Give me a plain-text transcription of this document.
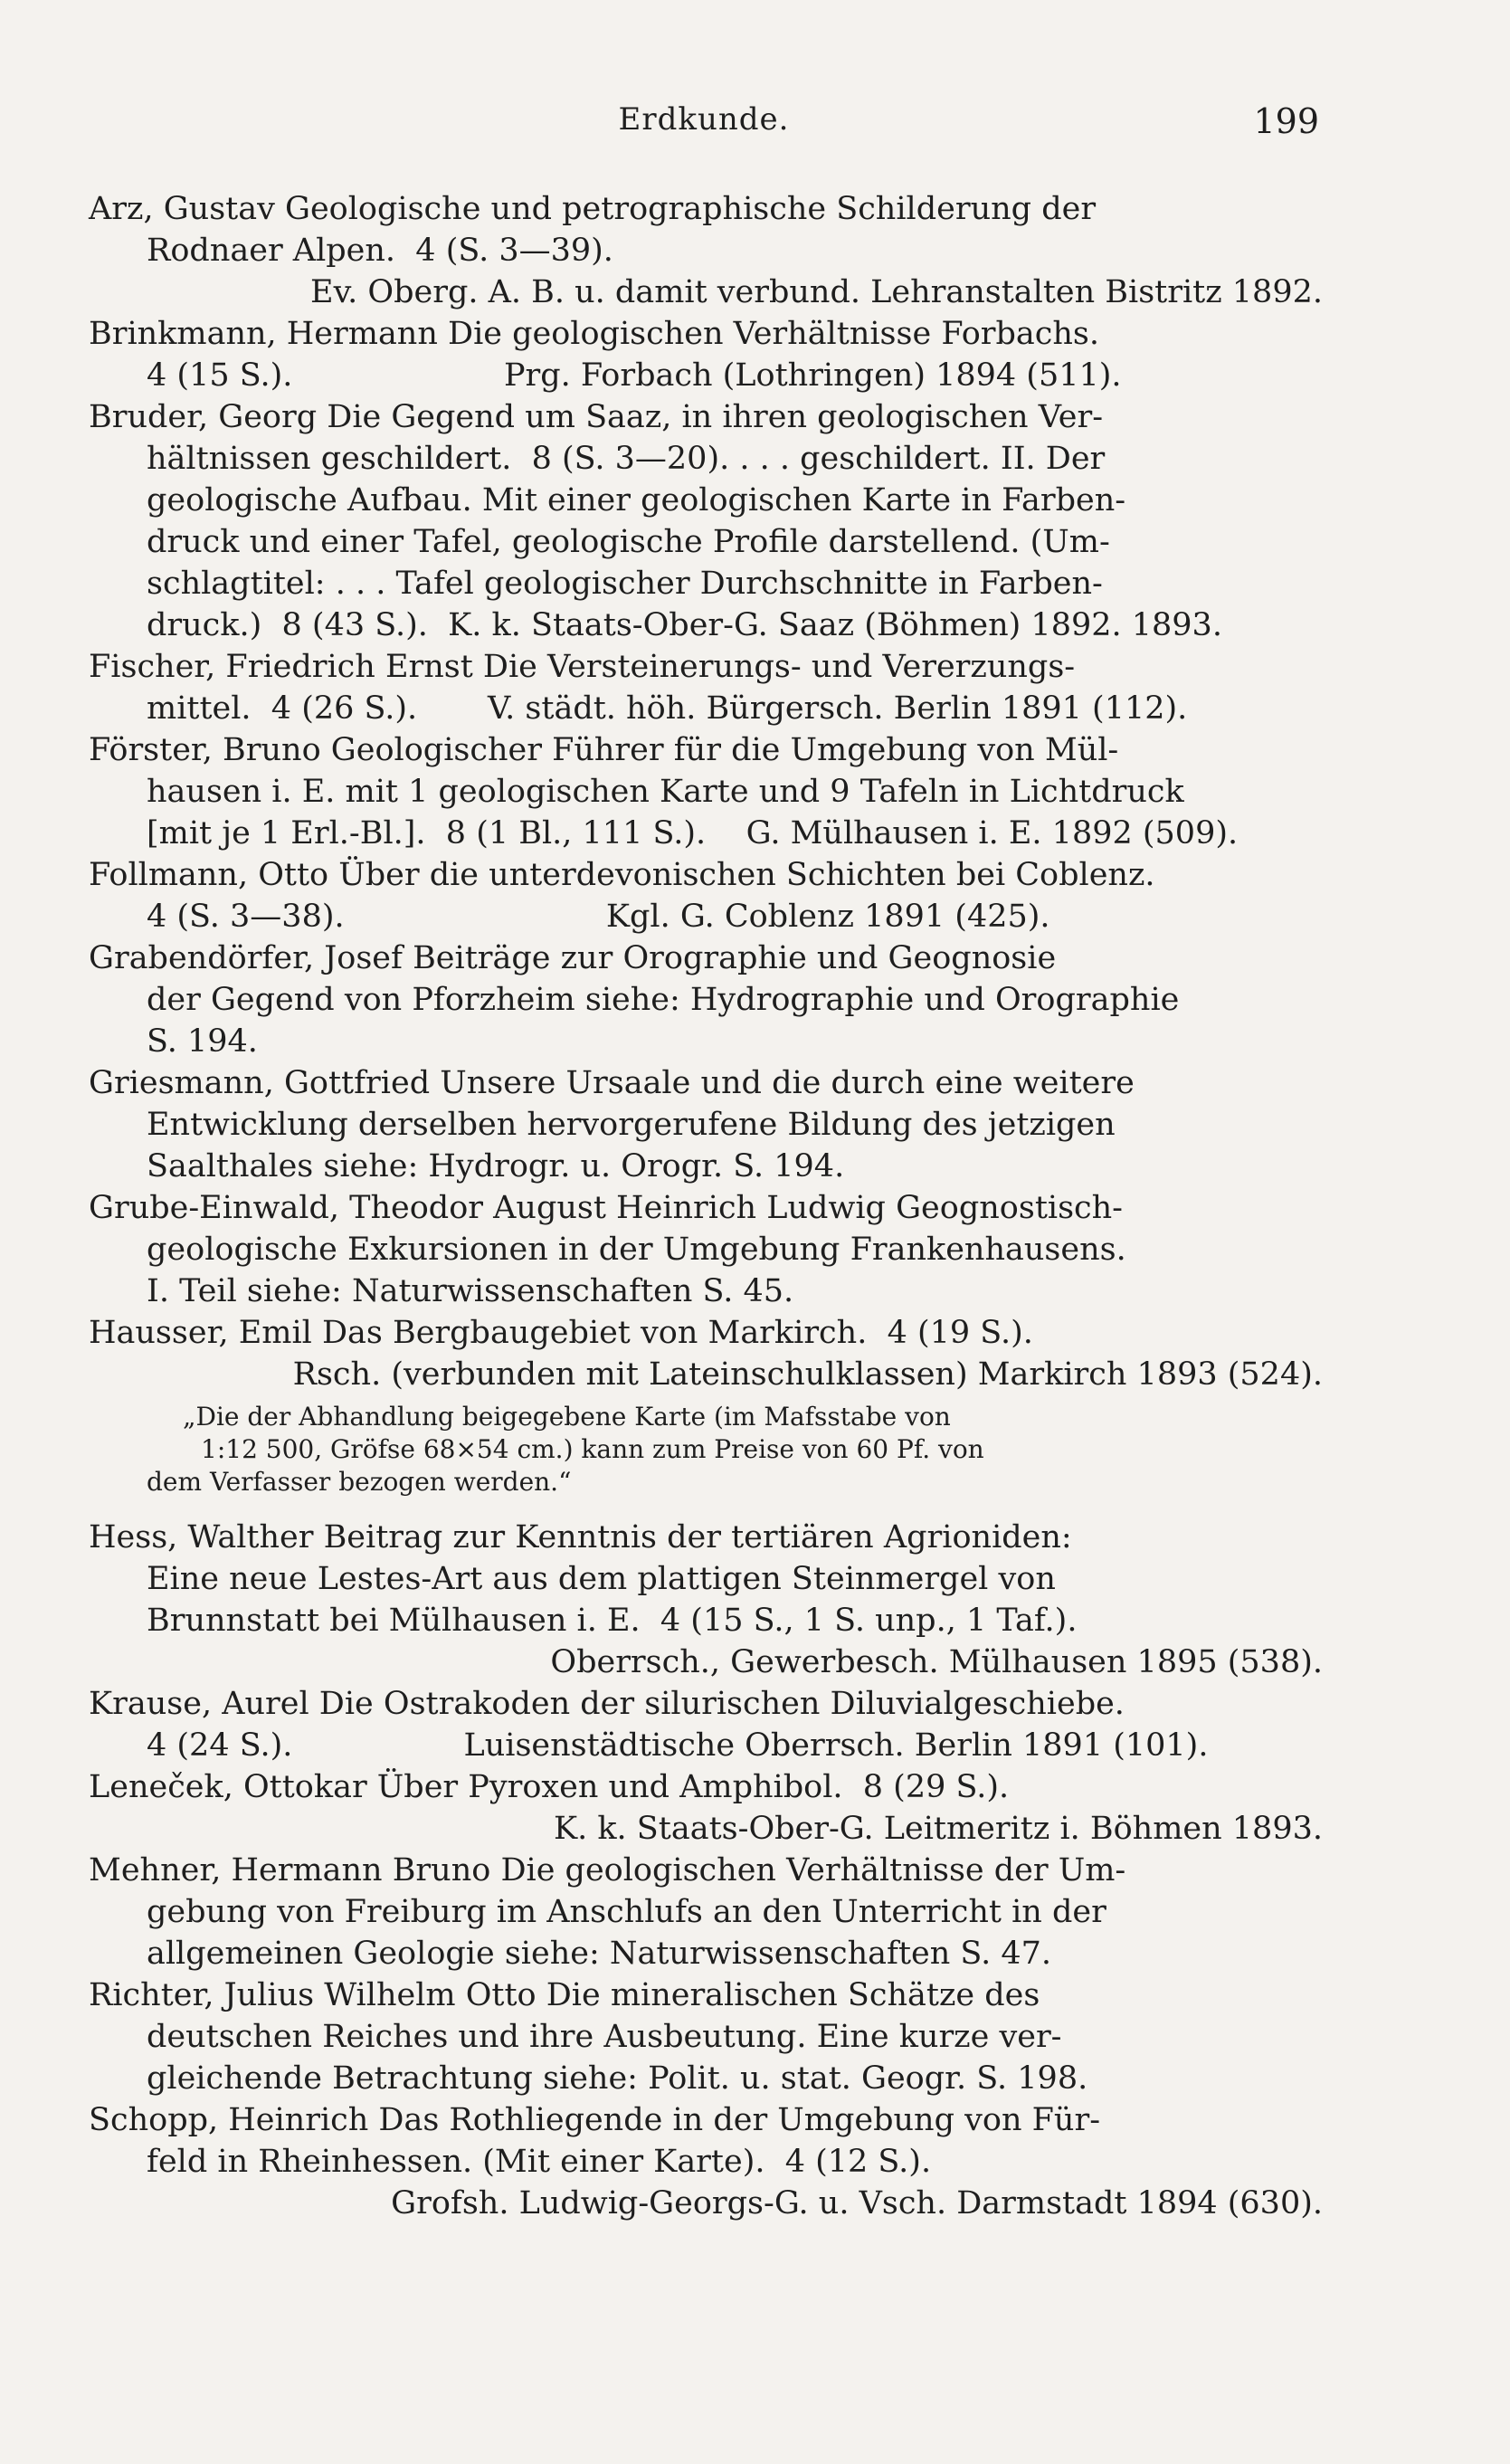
Erdkunde.	199
Arz, Gustav Geologische und petrographische Schilderung der
Rodnaer Alpen.  4 (S. 3—39).
Ev. Oberg. A. B. u. damit verbund. Lehranstalten Bistritz 1892.
Brinkmann, Hermann Die geologischen Verhältnisse Forbachs.
4 (15 S.).                     Prg. Forbach (Lothringen) 1894 (511).
Bruder, Georg Die Gegend um Saaz, in ihren geologischen Ver-
hältnissen geschildert.  8 (S. 3—20). . . . geschildert. II. Der
geologische Aufbau. Mit einer geologischen Karte in Farben-
druck und einer Tafel, geologische Profile darstellend. (Um-
schlagtitel: . . . Tafel geologischer Durchschnitte in Farben-
druck.)  8 (43 S.).  K. k. Staats-Ober-G. Saaz (Böhmen) 1892. 1893.
Fischer, Friedrich Ernst Die Versteinerungs- und Vererzungs-
mittel.  4 (26 S.).       V. städt. höh. Bürgersch. Berlin 1891 (112).
Förster, Bruno Geologischer Führer für die Umgebung von Mül-
hausen i. E. mit 1 geologischen Karte und 9 Tafeln in Lichtdruck
[mit je 1 Erl.-Bl.].  8 (1 Bl., 111 S.).    G. Mülhausen i. E. 1892 (509).
Follmann, Otto Über die unterdevonischen Schichten bei Coblenz.
4 (S. 3—38).                          Kgl. G. Coblenz 1891 (425).
Grabendörfer, Josef Beiträge zur Orographie und Geognosie
der Gegend von Pforzheim siehe: Hydrographie und Orographie
S. 194.
Griesmann, Gottfried Unsere Ursaale und die durch eine weitere
Entwicklung derselben hervorgerufene Bildung des jetzigen
Saalthales siehe: Hydrogr. u. Orogr. S. 194.
Grube-Einwald, Theodor August Heinrich Ludwig Geognostisch-
geologische Exkursionen in der Umgebung Frankenhausens.
I. Teil siehe: Naturwissenschaften S. 45.
Hausser, Emil Das Bergbaugebiet von Markirch.  4 (19 S.).
Rsch. (verbunden mit Lateinschulklassen) Markirch 1893 (524).
„Die der Abhandlung beigegebene Karte (im Mafsstabe von
1:12 500, Gröfse 68×54 cm.) kann zum Preise von 60 Pf. von
dem Verfasser bezogen werden.“
Hess, Walther Beitrag zur Kenntnis der tertiären Agrioniden:
Eine neue Lestes-Art aus dem plattigen Steinmergel von
Brunnstatt bei Mülhausen i. E.  4 (15 S., 1 S. unp., 1 Taf.).
Oberrsch., Gewerbesch. Mülhausen 1895 (538).
Krause, Aurel Die Ostrakoden der silurischen Diluvialgeschiebe.
4 (24 S.).                 Luisenstädtische Oberrsch. Berlin 1891 (101).
Leneček, Ottokar Über Pyroxen und Amphibol.  8 (29 S.).
K. k. Staats-Ober-G. Leitmeritz i. Böhmen 1893.
Mehner, Hermann Bruno Die geologischen Verhältnisse der Um-
gebung von Freiburg im Anschlufs an den Unterricht in der
allgemeinen Geologie siehe: Naturwissenschaften S. 47.
Richter, Julius Wilhelm Otto Die mineralischen Schätze des
deutschen Reiches und ihre Ausbeutung. Eine kurze ver-
gleichende Betrachtung siehe: Polit. u. stat. Geogr. S. 198.
Schopp, Heinrich Das Rothliegende in der Umgebung von Für-
feld in Rheinhessen. (Mit einer Karte).  4 (12 S.).
Grofsh. Ludwig-Georgs-G. u. Vsch. Darmstadt 1894 (630).
